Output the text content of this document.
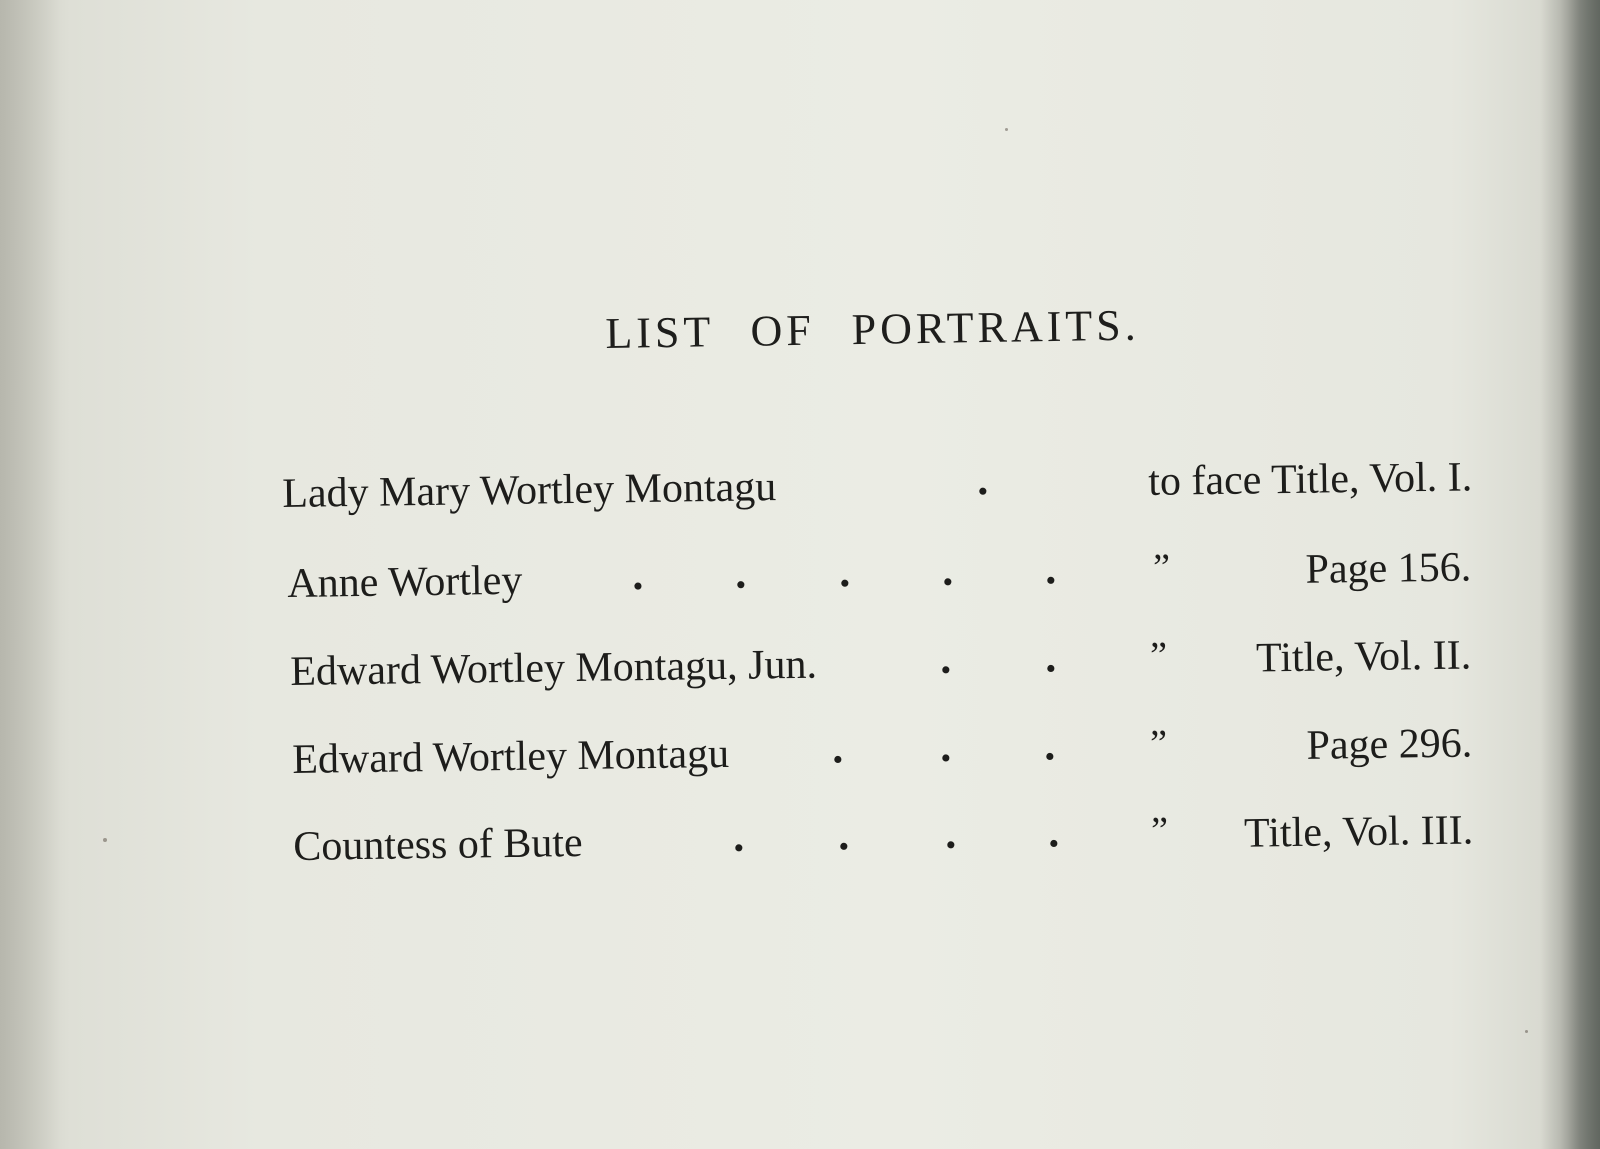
LIST OF PORTRAITS.
Lady Mary Wortley Montagu	.	to face Title, Vol. I.
Anne Wortley . . . . .	”	Page 156.
Edward Wortley Montagu, Jun.	. . ” Title, Vol. II.
Edward Wortley Montagu . . . ”	Page 296.
Countess of Bute	. . . . ” Title, Vol. III.
